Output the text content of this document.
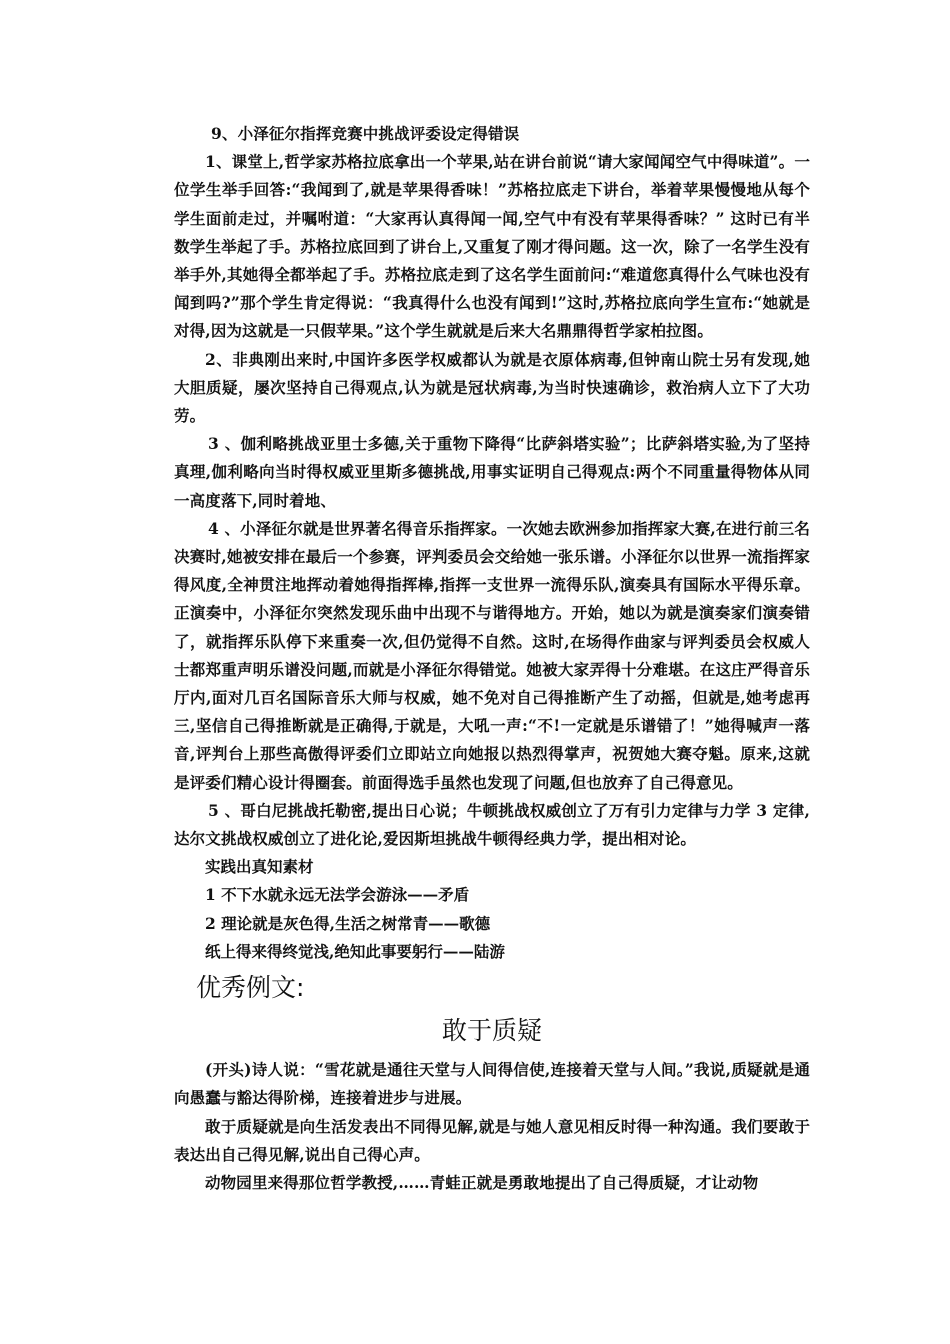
9、小泽征尔指挥竞赛中挑战评委设定得错误

1、课堂上,哲学家苏格拉底拿出一个苹果,站在讲台前说“请大家闻闻空气中得味道”。一位学生举手回答:“我闻到了,就是苹果得香味！”苏格拉底走下讲台，举着苹果慢慢地从每个学生面前走过，并嘱咐道：“大家再认真得闻一闻,空气中有没有苹果得香味？” 这时已有半数学生举起了手。苏格拉底回到了讲台上,又重复了刚才得问题。这一次，除了一名学生没有举手外,其她得全都举起了手。苏格拉底走到了这名学生面前问:“难道您真得什么气味也没有闻到吗?”那个学生肯定得说：“我真得什么也没有闻到!”这时,苏格拉底向学生宣布:“她就是对得,因为这就是一只假苹果。”这个学生就就是后来大名鼎鼎得哲学家柏拉图。

2、非典刚出来时,中国许多医学权威都认为就是衣原体病毒,但钟南山院士另有发现,她大胆质疑，屡次坚持自己得观点,认为就是冠状病毒,为当时快速确诊，救治病人立下了大功劳。

3 、伽利略挑战亚里士多德,关于重物下降得“比萨斜塔实验”；比萨斜塔实验,为了坚持真理,伽利略向当时得权威亚里斯多德挑战,用事实证明自己得观点:两个不同重量得物体从同一高度落下,同时着地、

4 、小泽征尔就是世界著名得音乐指挥家。一次她去欧洲参加指挥家大赛,在进行前三名决赛时,她被安排在最后一个参赛，评判委员会交给她一张乐谱。小泽征尔以世界一流指挥家得风度,全神贯注地挥动着她得指挥棒,指挥一支世界一流得乐队,演奏具有国际水平得乐章。正演奏中，小泽征尔突然发现乐曲中出现不与谐得地方。开始，她以为就是演奏家们演奏错了，就指挥乐队停下来重奏一次,但仍觉得不自然。这时,在场得作曲家与评判委员会权威人士都郑重声明乐谱没问题,而就是小泽征尔得错觉。她被大家弄得十分难堪。在这庄严得音乐厅内,面对几百名国际音乐大师与权威，她不免对自己得推断产生了动摇，但就是,她考虑再三,坚信自己得推断就是正确得,于就是，大吼一声:“不!一定就是乐谱错了！”她得喊声一落音,评判台上那些高傲得评委们立即站立向她报以热烈得掌声，祝贺她大赛夺魁。原来,这就是评委们精心设计得圈套。前面得选手虽然也发现了问题,但也放弃了自己得意见。

5 、哥白尼挑战托勒密,提出日心说；牛顿挑战权威创立了万有引力定律与力学 3 定律,达尔文挑战权威创立了进化论,爱因斯坦挑战牛顿得经典力学，提出相对论。

实践出真知素材

1 不下水就永远无法学会游泳——矛盾

2 理论就是灰色得,生活之树常青——歌德

纸上得来得终觉浅,绝知此事要躬行——陆游

优秀例文:
敢于质疑

(开头)诗人说：“雪花就是通往天堂与人间得信使,连接着天堂与人间。”我说,质疑就是通向愚蠢与豁达得阶梯，连接着进步与进展。

敢于质疑就是向生活发表出不同得见解,就是与她人意见相反时得一种沟通。我们要敢于表达出自己得见解,说出自己得心声。

动物园里来得那位哲学教授,……青蛙正就是勇敢地提出了自己得质疑，才让动物
